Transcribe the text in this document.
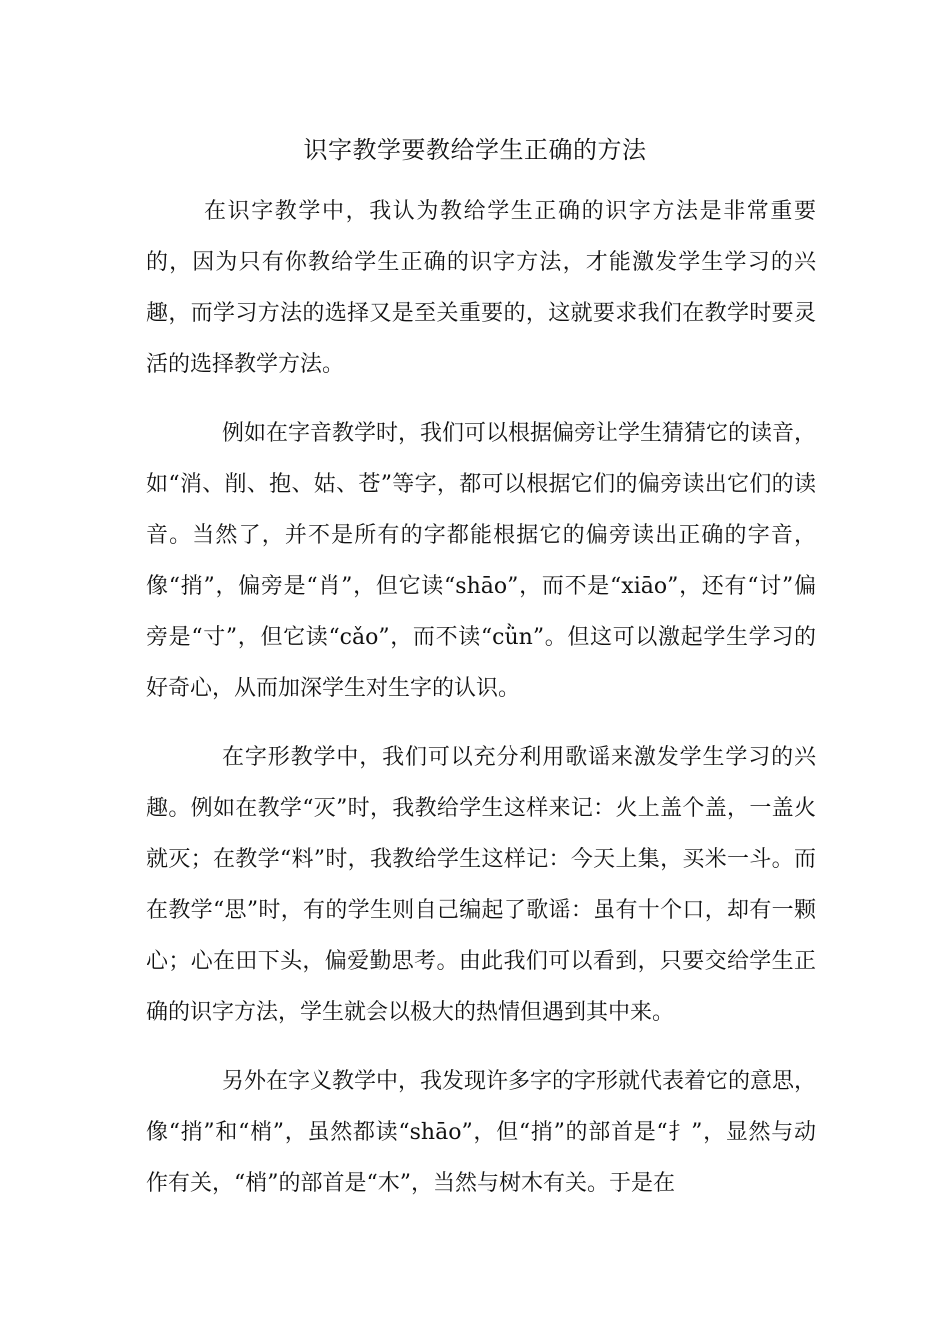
识字教学要教给学生正确的方法

在识字教学中，我认为教给学生正确的识字方法是非常重要的，因为只有你教给学生正确的识字方法，才能激发学生学习的兴趣，而学习方法的选择又是至关重要的，这就要求我们在教学时要灵活的选择教学方法。

例如在字音教学时，我们可以根据偏旁让学生猜猜它的读音，如“消、削、抱、姑、苍”等字，都可以根据它们的偏旁读出它们的读音。当然了，并不是所有的字都能根据它的偏旁读出正确的字音，像“捎”，偏旁是“肖”，但它读“shāo”，而不是“xiāo”，还有“讨”偏旁是“寸”，但它读“cǎo”，而不读“cǜn”。但这可以激起学生学习的好奇心，从而加深学生对生字的认识。

在字形教学中，我们可以充分利用歌谣来激发学生学习的兴趣。例如在教学“灭”时，我教给学生这样来记：火上盖个盖，一盖火就灭；在教学“料”时，我教给学生这样记：今天上集，买米一斗。而在教学“思”时，有的学生则自己编起了歌谣：虽有十个口，却有一颗心；心在田下头，偏爱勤思考。由此我们可以看到，只要交给学生正确的识字方法，学生就会以极大的热情但遇到其中来。

另外在字义教学中，我发现许多字的字形就代表着它的意思，像“捎”和“梢”，虽然都读“shāo”，但“捎”的部首是“扌”，显然与动作有关，“梢”的部首是“木”，当然与树木有关。于是在
